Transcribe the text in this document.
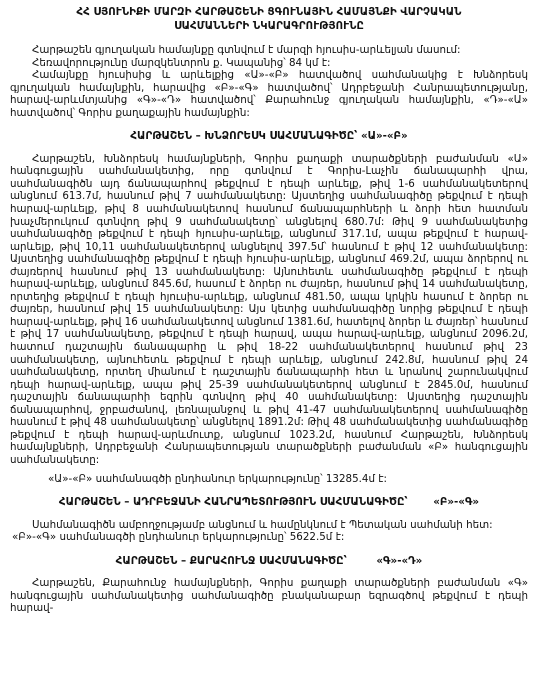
ՀՀ ՍՅՈՒՆԻՔԻ ՄԱՐԶԻ ՀԱՐԹԱՇԵՆԻ ՑԳՈՒՆԱՅԻՆ ՀԱՄԱՅՆՔԻ ՎԱՐՉԱԿԱՆ
ՍԱՀՄԱՆՆԵՐԻ ՆԿԱՐԱԳՐՈՒԹՅՈՒՆԸ

Հարթաշեն գյուղական համայնքը գտնվում է մարզի հյուսիս-արևելյան մասում:

Հեռավորությունը մարզկենտրոն ք. Կապանից՝ 84 կմ է:

Համայնքը հյուսիսից և արևելքից «Ա»-«Բ» հատվածով սահմանակից է Խնձորեսկ գյուղական համայնքին, հարավից «Բ»-«Գ» հատվածով՝ Ադրբեջանի Հանրապետությանը, հարավ-արևմտյանից «Գ»-«Դ» հատվածով՝ Քարահունջ գյուղական համայնքին, «Դ»-«Ա» հատվածով՝ Գորիս քաղաքային համայնքին:

ՀԱՐԹԱՇԵՆ – ԽՆՁՈՐԵՍԿ ՍԱՀՄԱՆԱԳԻԾԸ՝ «Ա»-«Բ»

Հարթաշեն, Խնձորեսկ համայնքների, Գորիս քաղաքի տարածքների բաժանման «Ա» հանգուցային սահմանակետից, որը գտնվում է Գորիս-Լաչին ճանապարհի վրա, սահմանագիծն այդ ճանապարհով թեքվում է դեպի արևելք, թիվ 1-6 սահմանակետերով անցնում 613.7մ, հասնում թիվ 7 սահմանակետը: Այստեղից սահմանագիծը թեքվում է դեպի հարավ-արևելք, թիվ 8 սահմանակետով հասնում ճանապարհների և ձորի հետ հատման խաչմերուկում գտնվող թիվ 9 սահմանակետը՝ անցնելով 680.7մ: Թիվ 9 սահմանակետից սահմանագիծը թեքվում է դեպի հյուսիս-արևելք, անցնում 317.1մ, ապա թեքվում է հարավ-արևելք, թիվ 10,11 սահմանակետերով անցնելով 397.5մ՝ հասնում է թիվ 12 սահմանակետը: Այստեղից սահմանագիծը թեքվում է դեպի հյուսիս-արևելք, անցնում 469.2մ, ապա ձորերով ու ժայռերով հասնում թիվ 13 սահմանակետը: Այնուհետև սահմանագիծը թեքվում է դեպի հարավ-արևելք, անցնում 845.6մ, հասում է ձորեր ու ժայռեր, հասնում թիվ 14 սահմանակետը, որտեղից թեքվում է դեպի հյուսիս-արևելք, անցնում 481.50, ապա կրկին հասում է ձորեր ու ժայռեր, հասնում թիվ 15 սահմանակետը: Այս կետից սահմանագիծը նորից թեքվում է դեպի հարավ-արևելք, թիվ 16 սահմանակետով անցնում 1381.6մ, հատելով ձորեր և ժայռեր՝ հասնում է թիվ 17 սահմանակետը, թեքվում է դեպի հարավ, ապա հարավ-արևելք, անցնում 2096.2մ, հատում դաշտային ճանապարհը և թիվ 18-22 սահմանակետերով հասնում թիվ 23 սահմանակետը, այնուհետև թեքվում է դեպի արևելք, անցնում 242.8մ, հասնում թիվ 24 սահմանակետը, որտեղ միանում է դաշտային ճանապարհի հետ և նրանով շարունակվում դեպի հարավ-արևելք, ապա թիվ 25-39 սահմանակետերով անցնում է 2845.0մ, հասնում դաշտային ճանապարհի եզրին գտնվող թիվ 40 սահմանակետը: Այստեղից դաշտային ճանապարհով, ջրբաժանով, լեռնալանջով և թիվ 41-47 սահմանակետերով սահմանագիծը հասնում է թիվ 48 սահմանակետը՝ անցնելով 1891.2մ: Թիվ 48 սահմանակետից սահմանագիծը թեքվում է դեպի հարավ-արևմուտք, անցնում 1023.2մ, հասնում Հարթաշեն, Խնձորեսկ համայնքների, Ադրբեջանի Հանրապետության տարածքների բաժանման «Բ» հանգուցային սահմանակետը:

«Ա»-«Բ» սահմանագծի ընդհանուր երկարությունը՝ 13285.4մ է:

ՀԱՐԹԱՇԵՆ – ԱԴՐԲԵՋԱՆԻ ՀԱՆՐԱՊԵՏՈՒԹՅՈՒՆ ՍԱՀՄԱՆԱԳԻԾԸ՝ «Բ»-«Գ»

Սահմանագիծն ամբողջությամբ անցնում և համընկնում է Պետական սահմանի հետ:

«Բ»-«Գ» սահմանագծի ընդհանուր երկարությունը՝ 5622.5մ է:

ՀԱՐԹԱՇԵՆ – ՔԱՐԱՀՈՒՆՋ ՍԱՀՄԱՆԱԳԻԾԸ՝	«Գ»-«Դ»

Հարթաշեն, Քարահունջ համայնքների, Գորիս քաղաքի տարածքների բաժանման «Գ» հանգուցային սահմանակետից սահմանագիծը բնականաբար եզրագծով թեքվում է դեպի հարավ-
